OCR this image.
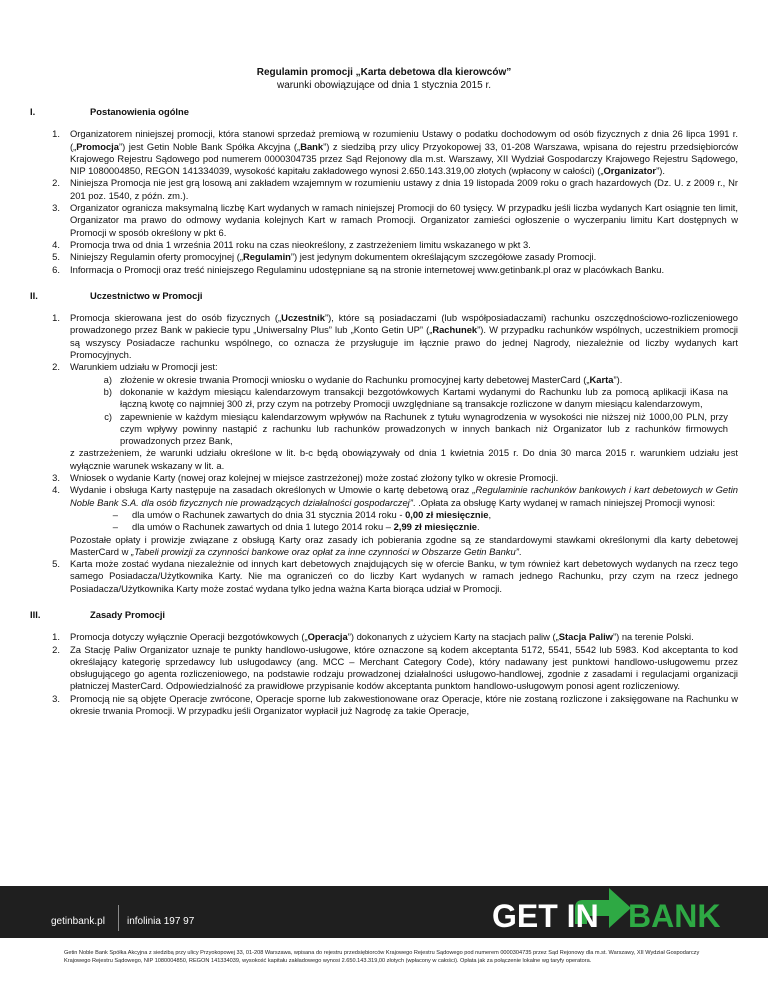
Regulamin promocji „Karta debetowa dla kierowców”
warunki obowiązujące od dnia 1 stycznia 2015 r.
I.	Postanowienia ogólne
1.	Organizatorem niniejszej promocji, która stanowi sprzedaż premiową w rozumieniu Ustawy o podatku dochodowym od osób fizycznych z dnia 26 lipca 1991 r. („Promocja”) jest Getin Noble Bank Spółka Akcyjna („Bank”) z siedzibą przy ulicy Przyokopowej 33, 01-208 Warszawa, wpisana do rejestru przedsiębiorców Krajowego Rejestru Sądowego pod numerem 0000304735 przez Sąd Rejonowy dla m.st. Warszawy, XII Wydział Gospodarczy Krajowego Rejestru Sądowego, NIP 1080004850, REGON 141334039, wysokość kapitału zakładowego wynosi 2.650.143.319,00 złotych (wpłacony w całości) („Organizator”).
2.	Niniejsza Promocja nie jest grą losową ani zakładem wzajemnym w rozumieniu ustawy z dnia 19 listopada 2009 roku o grach hazardowych (Dz. U. z 2009 r., Nr 201 poz. 1540, z późn. zm.).
3.	Organizator ogranicza maksymalną liczbę Kart wydanych w ramach niniejszej Promocji do 60 tysięcy. W przypadku jeśli liczba wydanych Kart osiągnie ten limit, Organizator ma prawo do odmowy wydania kolejnych Kart w ramach Promocji. Organizator zamieści ogłoszenie o wyczerpaniu limitu Kart dostępnych w Promocji w sposób określony w pkt 6.
4.	Promocja trwa od dnia 1 września 2011 roku na czas nieokreślony, z zastrzeżeniem limitu wskazanego w pkt 3.
5.	Niniejszy Regulamin oferty promocyjnej („Regulamin”) jest jedynym dokumentem określającym szczegółowe zasady Promocji.
6.	Informacja o Promocji oraz treść niniejszego Regulaminu udostępniane są na stronie internetowej www.getinbank.pl oraz w placówkach Banku.
II.	Uczestnictwo w Promocji
1.	Promocja skierowana jest do osób fizycznych („Uczestnik”), które są posiadaczami (lub współposiadaczami) rachunku oszczędnościowo-rozliczeniowego prowadzonego przez Bank w pakiecie typu „Uniwersalny Plus” lub „Konto Getin UP” („Rachunek”). W przypadku rachunków wspólnych, uczestnikiem promocji są wszyscy Posiadacze rachunku wspólnego, co oznacza że przysługuje im łącznie prawo do jednej Nagrody, niezależnie od liczby wydanych kart Promocyjnych.
2.	Warunkiem udziału w Promocji jest:
a) złożenie w okresie trwania Promocji wniosku o wydanie do Rachunku promocyjnej karty debetowej MasterCard („Karta”).
b) dokonanie w każdym miesiącu kalendarzowym transakcji bezgotówkowych Kartami wydanymi do Rachunku lub za pomocą aplikacji iKasa na łączną kwotę co najmniej 300 zł, przy czym na potrzeby Promocji uwzględniane są transakcje rozliczone w danym miesiącu kalendarzowym,
c) zapewnienie w każdym miesiącu kalendarzowym wpływów na Rachunek z tytułu wynagrodzenia w wysokości nie niższej niż 1000,00 PLN, przy czym wpływy powinny nastąpić z rachunku lub rachunków prowadzonych w innych bankach niż Organizator lub z rachunków firmowych prowadzonych przez Bank,
z zastrzeżeniem, że warunki udziału określone w lit. b-c będą obowiązywały od dnia 1 kwietnia 2015 r. Do dnia 30 marca 2015 r. warunkiem udziału jest wyłącznie warunek wskazany w lit. a.
3.	Wniosek o wydanie Karty (nowej oraz kolejnej w miejsce zastrzeżonej) może zostać złożony tylko w okresie Promocji.
4.	Wydanie i obsługa Karty następuje na zasadach określonych w Umowie o kartę debetową oraz „Regulaminie rachunków bankowych i kart debetowych w Getin Noble Bank S.A. dla osób fizycznych nie prowadzących działalności gospodarczej”. .Opłata za obsługę Karty wydanej w ramach niniejszej Promocji wynosi:
–	dla umów o Rachunek zawartych do dnia 31 stycznia 2014 roku - 0,00 zł miesięcznie,
–	dla umów o Rachunek zawartych od dnia 1 lutego 2014 roku – 2,99 zł miesięcznie.
Pozostałe opłaty i prowizje związane z obsługą Karty oraz zasady ich pobierania zgodne są ze standardowymi stawkami określonymi dla karty debetowej MasterCard w „Tabeli prowizji za czynności bankowe oraz opłat za inne czynności w Obszarze Getin Banku”.
5.	Karta może zostać wydana niezależnie od innych kart debetowych znajdujących się w ofercie Banku, w tym również kart debetowych wydanych na rzecz tego samego Posiadacza/Użytkownika Karty. Nie ma ograniczeń co do liczby Kart wydanych w ramach jednego Rachunku, przy czym na rzecz jednego Posiadacza/Użytkownika Karty może zostać wydana tylko jedna ważna Karta biorąca udział w Promocji.
III.	Zasady Promocji
1.	Promocja dotyczy wyłącznie Operacji bezgotówkowych („Operacja”) dokonanych z użyciem Karty na stacjach paliw („Stacja Paliw”) na terenie Polski.
2.	Za Stację Paliw Organizator uznaje te punkty handlowo-usługowe, które oznaczone są kodem akceptanta 5172, 5541, 5542 lub 5983. Kod akceptanta to kod określający kategorię sprzedawcy lub usługodawcy (ang. MCC – Merchant Category Code), który nadawany jest punktowi handlowo-usługowemu przez obsługującego go agenta rozliczeniowego, na podstawie rodzaju prowadzonej działalności usługowo-handlowej, zgodnie z zasadami i regulacjami organizacji płatniczej MasterCard. Odpowiedzialność za prawidłowe przypisanie kodów akceptanta punktom handlowo-usługowym ponosi agent rozliczeniowy.
3.	Promocją nie są objęte Operacje zwrócone, Operacje sporne lub zakwestionowane oraz Operacje, które nie zostaną rozliczone i zaksięgowane na Rachunku w okresie trwania Promocji. W przypadku jeśli Organizator wypłacił już Nagrodę za takie Operacje,
getinbank.pl infolinia 197 97	GET IN BANK
Getin Noble Bank Spółka Akcyjna z siedzibą przy ulicy Przyokopowej 33, 01-208 Warszawa, wpisana do rejestru przedsiębiorców Krajowego Rejestru Sądowego pod numerem 0000304735 przez Sąd Rejonowy dla m.st. Warszawy, XII Wydział Gospodarczy Krajowego Rejestru Sądowego, NIP 1080004850, REGON 141334039, wysokość kapitału zakładowego wynosi 2.650.143.319,00 złotych (wpłacony w całości). Opłata jak za połączenie lokalne wg taryfy operatora.
